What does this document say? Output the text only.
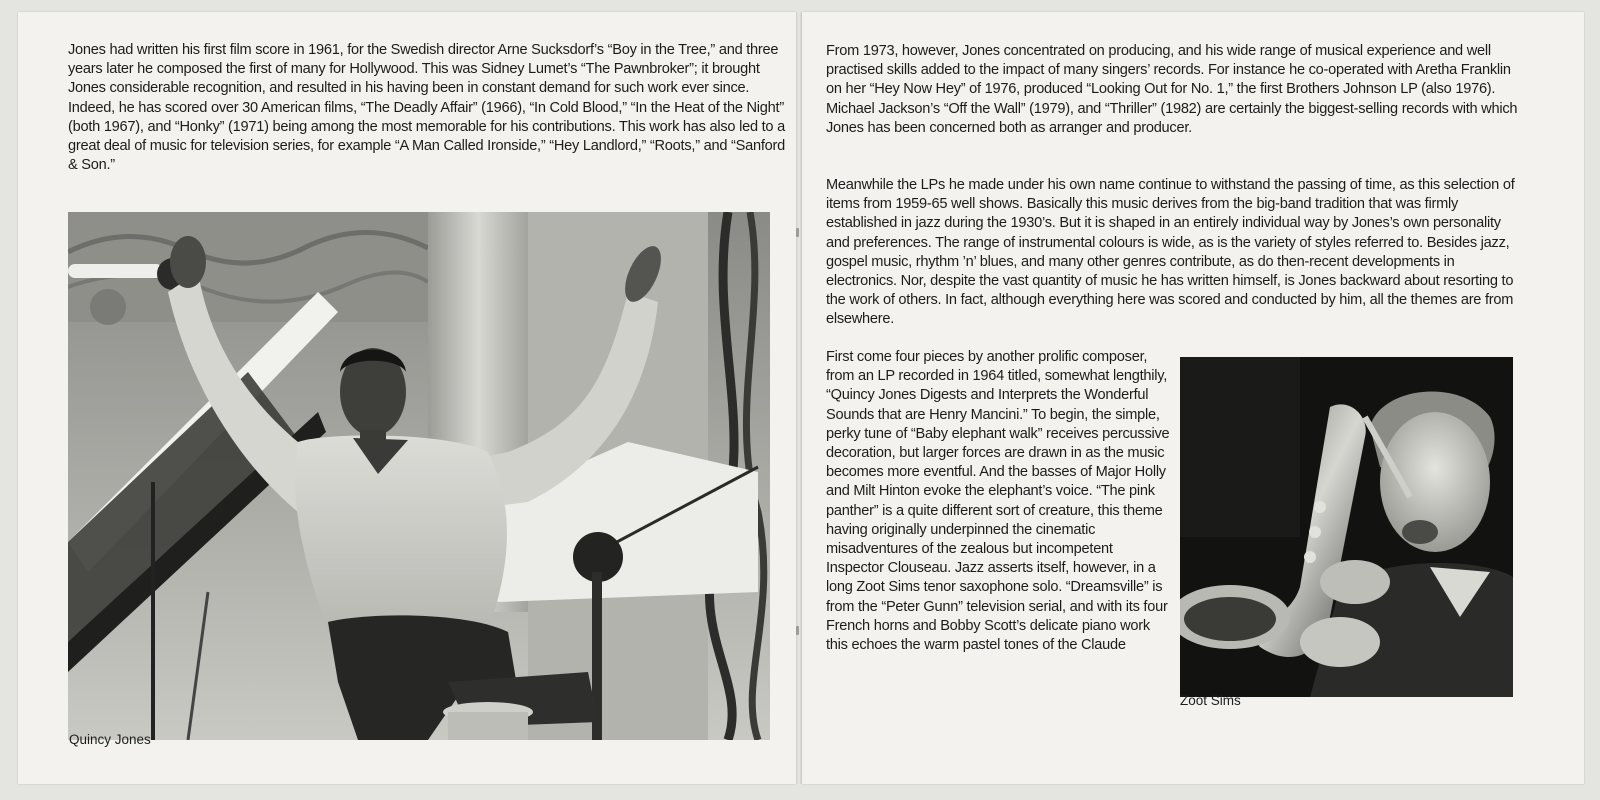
Jones had written his first film score in 1961, for the Swedish director Arne Sucksdorf’s “Boy in the Tree,” and three years later he composed the first of many for Hollywood. This was Sidney Lumet’s “The Pawnbroker”; it brought Jones considerable recognition, and resulted in his having been in constant demand for such work ever since. Indeed, he has scored over 30 American films, “The Deadly Affair” (1966), “In Cold Blood,” “In the Heat of the Night” (both 1967), and “Honky” (1971) being among the most memorable for his contributions. This work has also led to a great deal of music for television series, for example “A Man Called Ironside,” “Hey Landlord,” “Roots,” and “Sanford & Son.”

Quincy Jones

From 1973, however, Jones concentrated on producing, and his wide range of musical experience and well practised skills added to the impact of many singers’ records. For instance he co-operated with Aretha Franklin on her “Hey Now Hey” of 1976, produced “Looking Out for No. 1,” the first Brothers Johnson LP (also 1976). Michael Jackson’s “Off the Wall” (1979), and “Thriller” (1982) are certainly the biggest-selling records with which Jones has been concerned both as arranger and producer.

Meanwhile the LPs he made under his own name continue to withstand the passing of time, as this selection of items from 1959-65 well shows. Basically this music derives from the big-band tradition that was firmly established in jazz during the 1930’s. But it is shaped in an entirely individual way by Jones’s own personality and preferences. The range of instrumental colours is wide, as is the variety of styles referred to. Besides jazz, gospel music, rhythm ’n’ blues, and many other genres contribute, as do then-recent developments in electronics. Nor, despite the vast quantity of music he has written himself, is Jones backward about resorting to the work of others. In fact, although everything here was scored and conducted by him, all the themes are from elsewhere.

First come four pieces by another prolific composer, from an LP recorded in 1964 titled, somewhat lengthily, “Quincy Jones Digests and Interprets the Wonderful Sounds that are Henry Mancini.” To begin, the simple, perky tune of “Baby elephant walk” receives percussive decoration, but larger forces are drawn in as the music becomes more eventful. And the basses of Major Holly and Milt Hinton evoke the elephant’s voice. “The pink panther” is a quite different sort of creature, this theme having originally underpinned the cinematic misadventures of the zealous but incompetent Inspector Clouseau. Jazz asserts itself, however, in a long Zoot Sims tenor saxophone solo. “Dreamsville” is from the “Peter Gunn” television serial, and with its four French horns and Bobby Scott’s delicate piano work this echoes the warm pastel tones of the Claude

Zoot Sims
